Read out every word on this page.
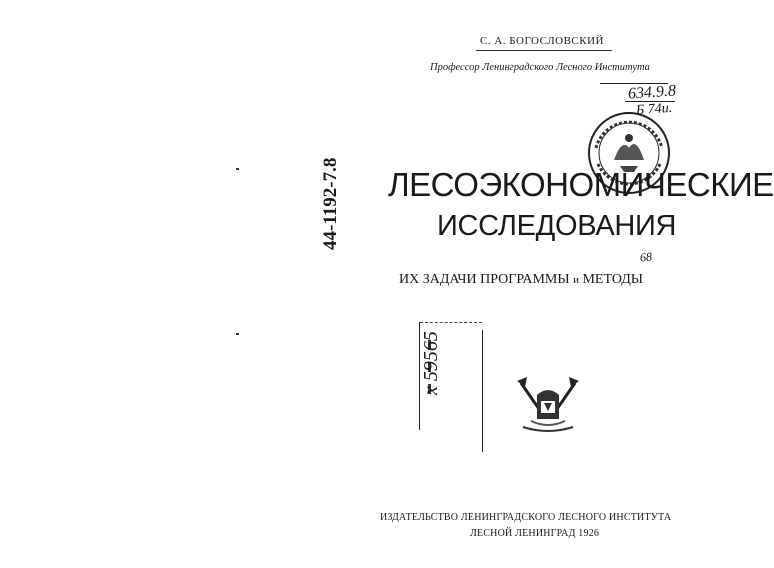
С. А. БОГОСЛОВСКИЙ
Профессор Ленинградского Лесного Института
634.9.8
Б 74и.
ЛЕСОЭКОНОМИЧЕСКИЕ
ИССЛЕДОВАНИЯ
68
ИХ ЗАДАЧИ ПРОГРАММЫ и МЕТОДЫ
44-1192-7.8
x 59565
ИЗДАТЕЛЬСТВО ЛЕНИНГРАДСКОГО ЛЕСНОГО ИНСТИТУТА
ЛЕСНОЙ ЛЕНИНГРАД 1926
